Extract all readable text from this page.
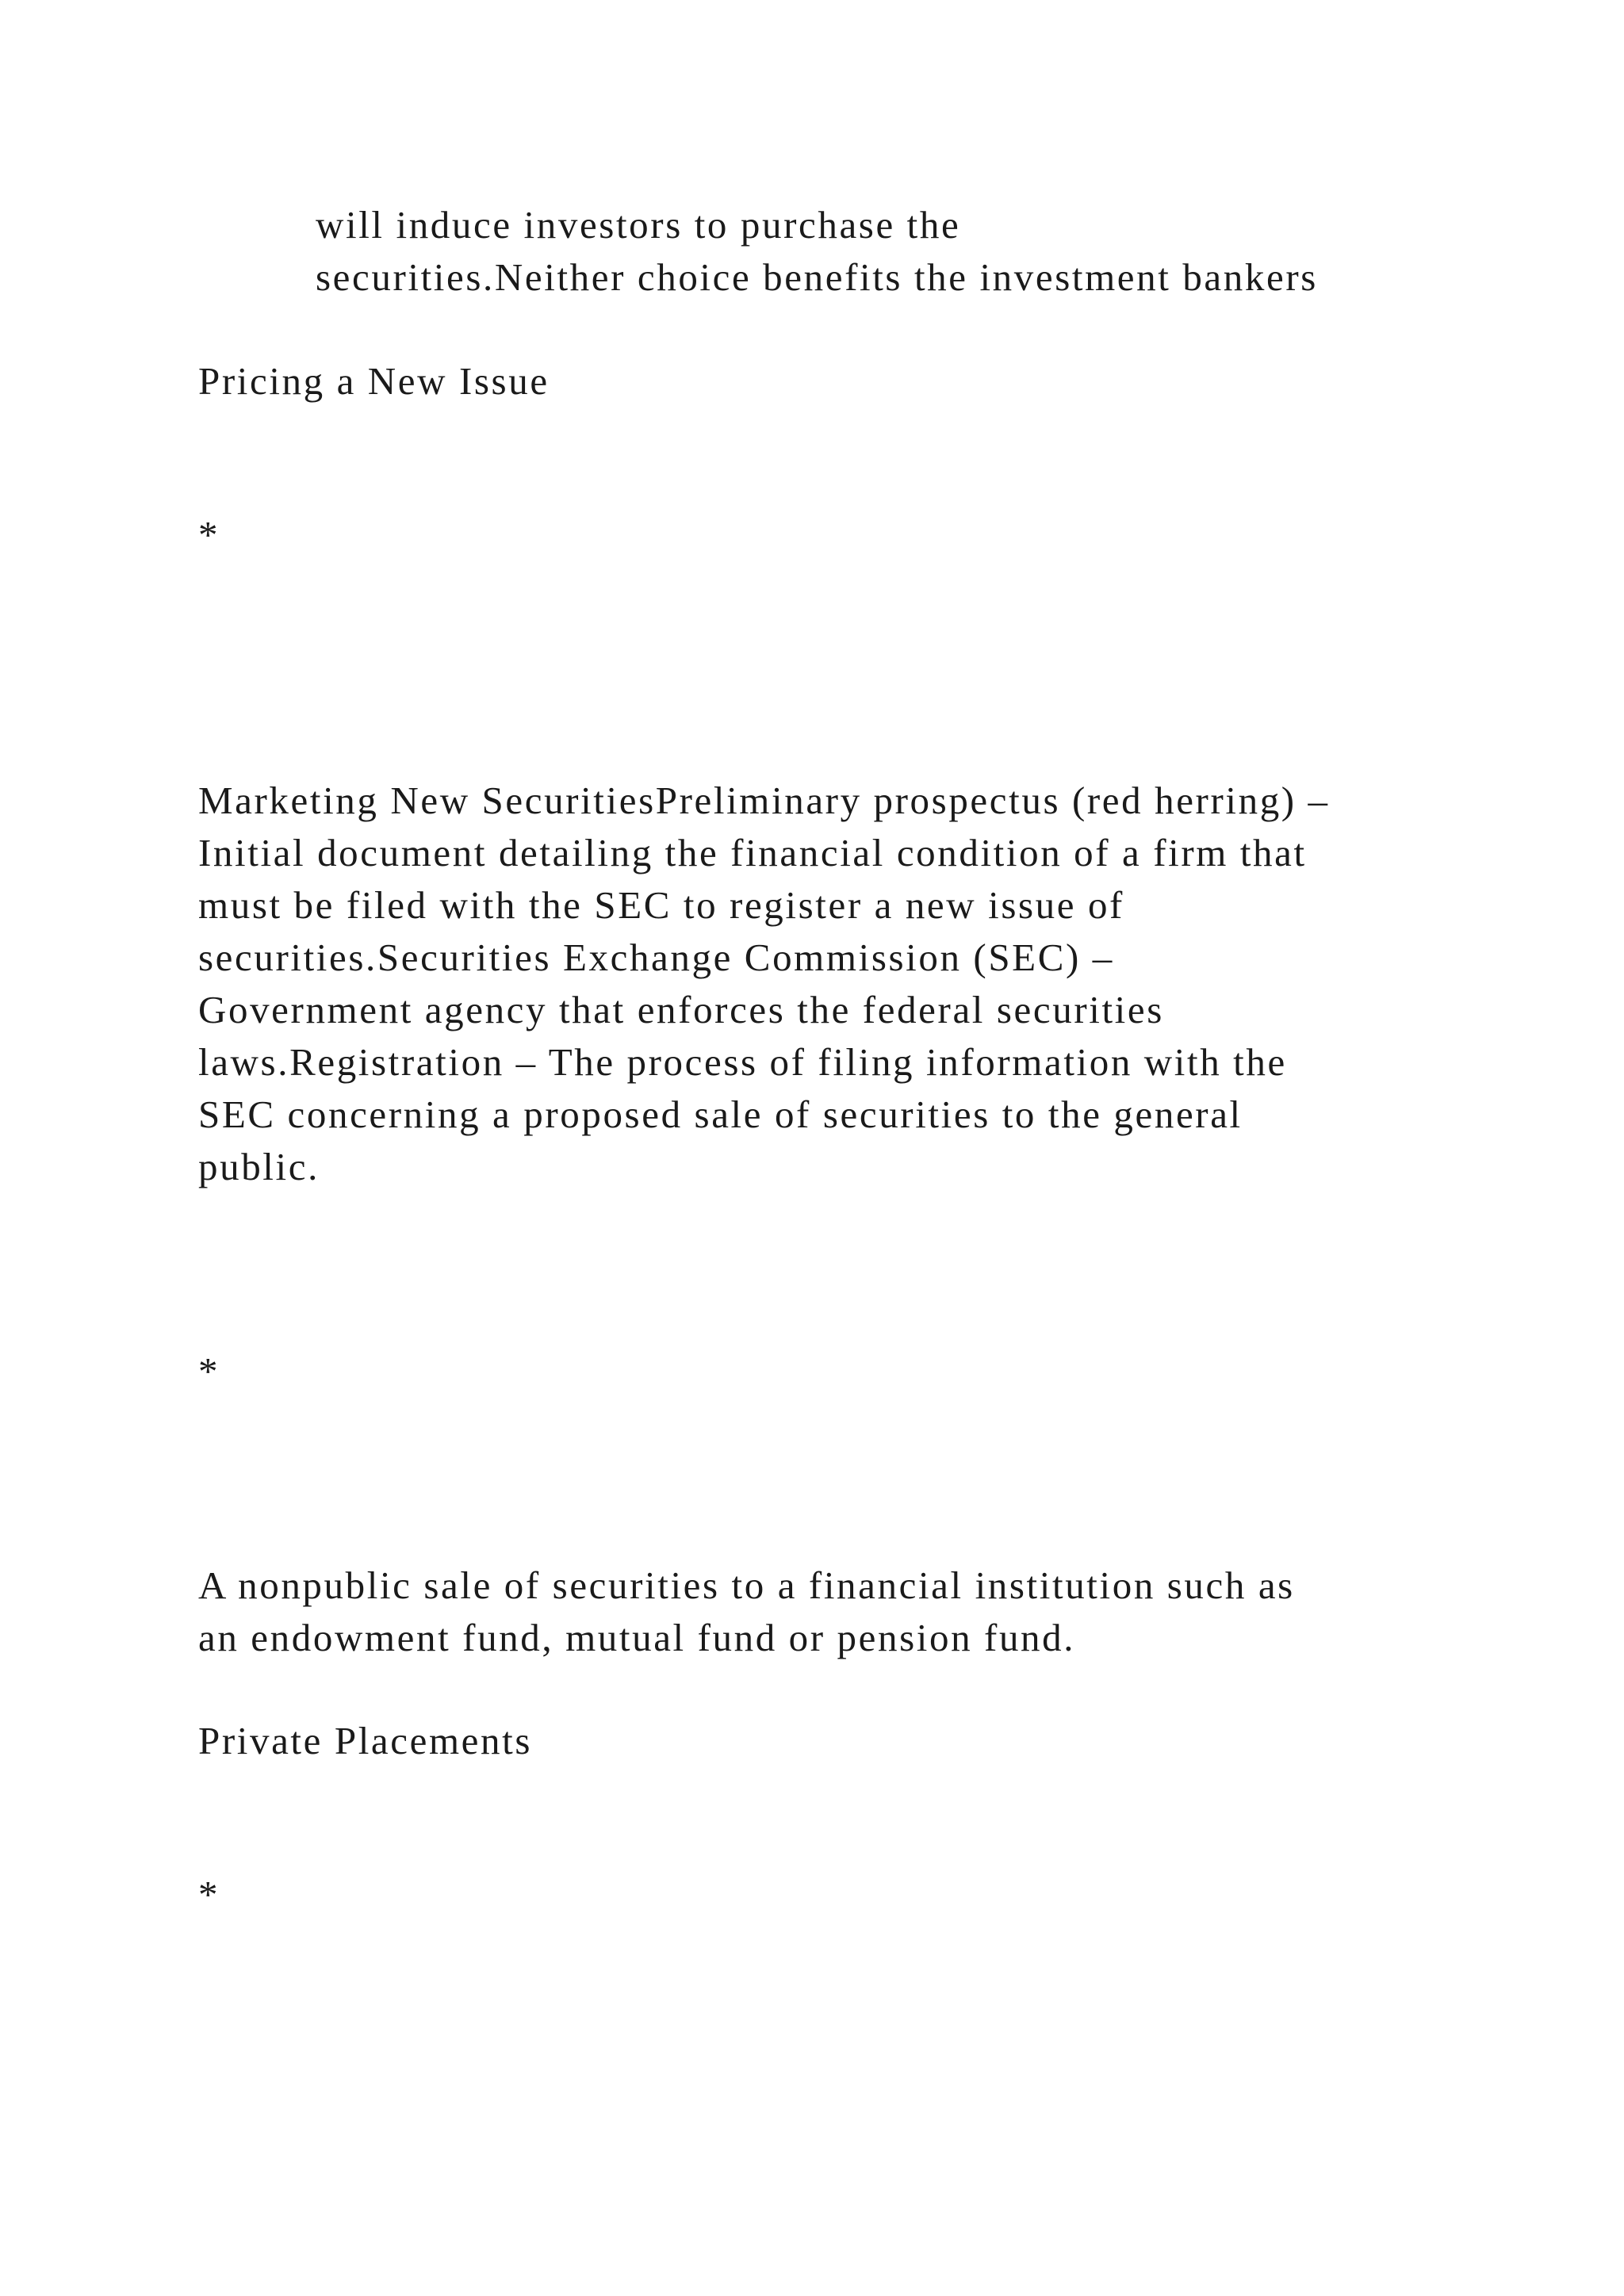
will induce investors to purchase the
securities.Neither choice benefits the investment bankers
Pricing a New Issue
*
Marketing New SecuritiesPreliminary prospectus (red herring) –
Initial document detailing the financial condition of a firm that
must be filed with the SEC to register a new issue of
securities.Securities Exchange Commission (SEC) –
Government agency that enforces the federal securities
laws.Registration – The process of filing information with the
SEC concerning a proposed sale of securities to the general
public.
*
A nonpublic sale of securities to a financial institution such as
an endowment fund, mutual fund or pension fund.
Private Placements
*
